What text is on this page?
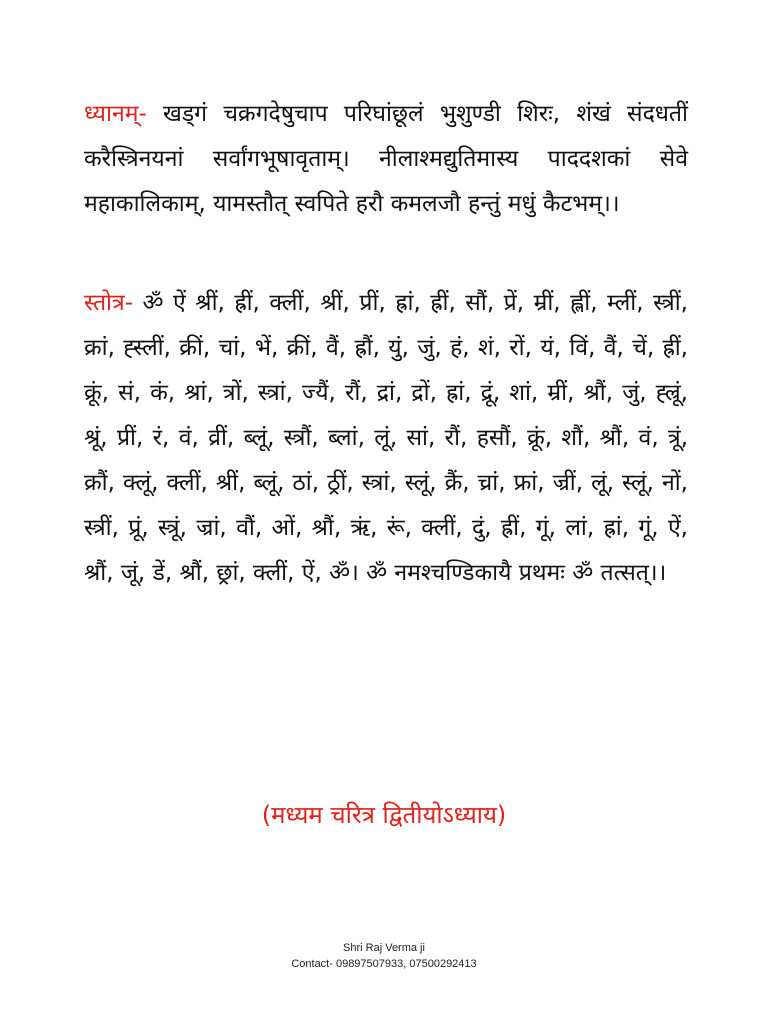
ध्यानम्- खड्गं चक्रगदेषुचाप परिघांछूलं भुशुण्डी शिरः, शंखं संदधतीं करैस्त्रिनयनां सर्वांगभूषावृताम्। नीलाश्मद्युतिमास्य पाददशकां सेवे महाकालिकाम्, यामस्तौत् स्वपिते हरौ कमलजौ हन्तुं मधुं कैटभम्।।

स्तोत्र- ॐ ऐं श्रीं, ह्रीं, क्लीं, श्रीं, प्रीं, ह्रां, ह्रीं, सौं, प्रें, म्रीं, ह्लीं, म्लीं, स्त्रीं, क्रां, ह्स्लीं, क्रीं, चां, भें, क्रीं, वैं, ह्रौं, युं, जुं, हं, शं, रों, यं, विं, वैं, चें, ह्रीं, क्रूं, सं, कं, श्रां, त्रों, स्त्रां, ज्यैं, रौं, द्रां, द्रों, ह्रां, द्रूं, शां, म्रीं, श्रौं, जुं, ह्ल्रूं, श्रूं, प्रीं, रं, वं, व्रीं, ब्लूं, स्त्रौं, ब्लां, लूं, सां, रौं, हसौं, क्रूं, शौं, श्रौं, वं, त्रूं, क्रौं, क्लूं, क्लीं, श्रीं, ब्लूं, ठां, ठ्रीं, स्त्रां, स्लूं, क्रैं, च्रां, फ्रां, ज्रीं, लूं, स्लूं, नों, स्त्रीं, प्रूं, स्त्रूं, ज्रां, वौं, ओं, श्रौं, ऋं, रूं, क्लीं, दुं, ह्रीं, गूं, लां, ह्रां, गूं, ऐं, श्रौं, जूं, डें, श्रौं, छ्रां, क्लीं, ऐं, ॐ। ॐ नमश्चण्डिकायै प्रथमः ॐ तत्सत्।।

(मध्यम चरित्र द्वितीयोऽध्याय)
Shri Raj Verma ji
Contact- 09897507933, 07500292413
